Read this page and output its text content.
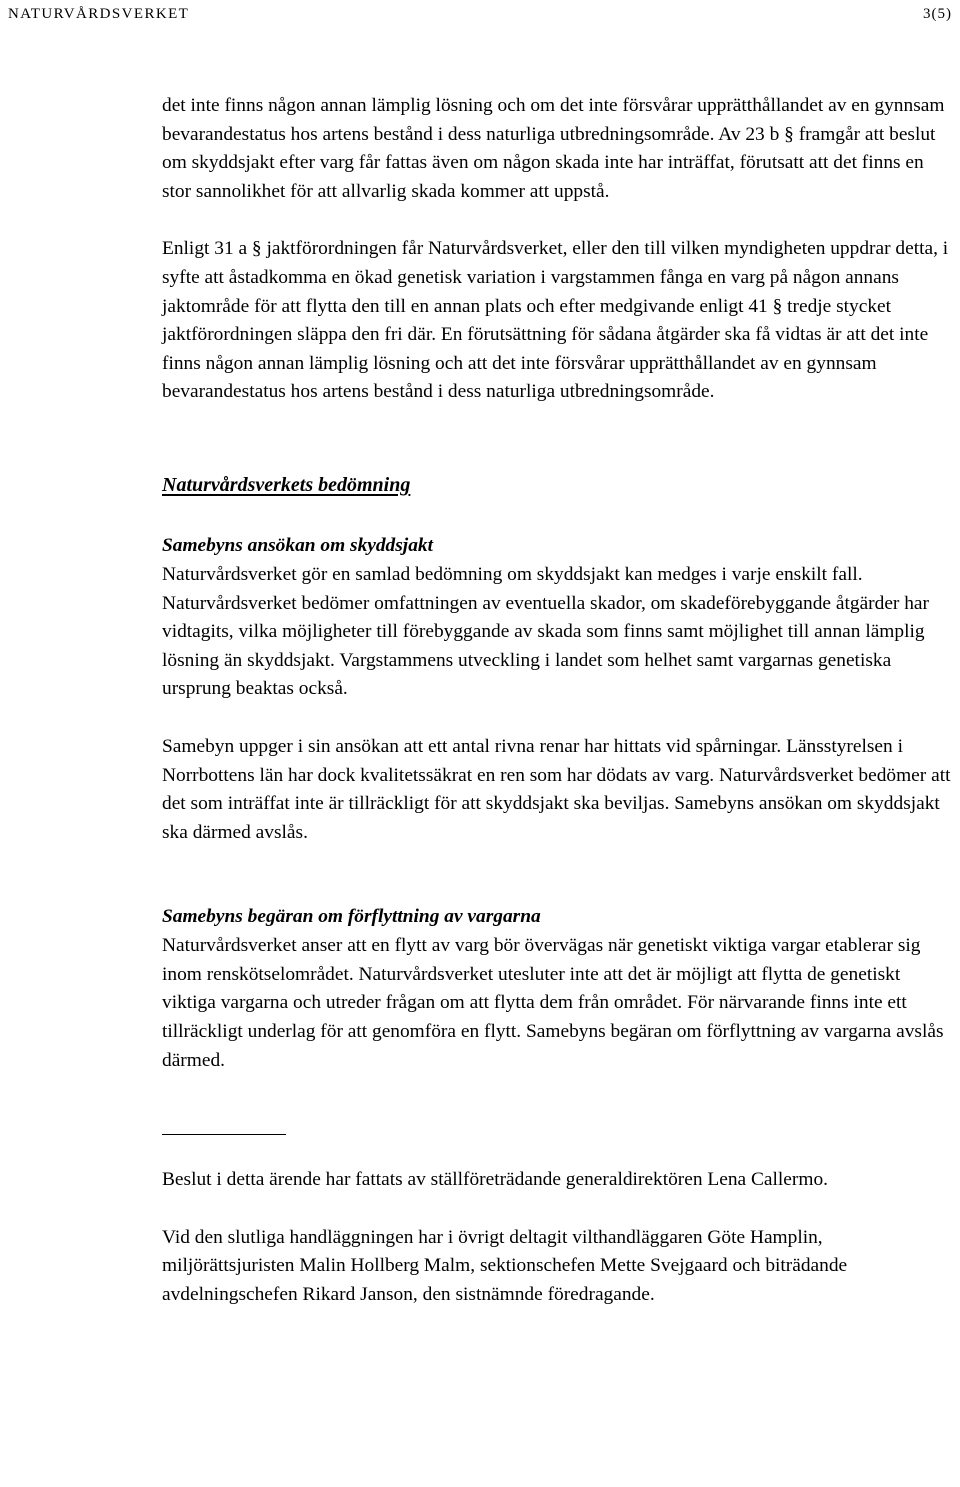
NATURVÅRDSVERKET	3(5)

det inte finns någon annan lämplig lösning och om det inte försvårar upprätthållandet av en gynnsam bevarandestatus hos artens bestånd i dess naturliga utbredningsområde. Av 23 b § framgår att beslut om skyddsjakt efter varg får fattas även om någon skada inte har inträffat, förutsatt att det finns en stor sannolikhet för att allvarlig skada kommer att uppstå.

Enligt 31 a § jaktförordningen får Naturvårdsverket, eller den till vilken myndigheten uppdrar detta, i syfte att åstadkomma en ökad genetisk variation i vargstammen fånga en varg på någon annans jaktområde för att flytta den till en annan plats och efter medgivande enligt 41 § tredje stycket jaktförordningen släppa den fri där. En förutsättning för sådana åtgärder ska få vidtas är att det inte finns någon annan lämplig lösning och att det inte försvårar upprätthållandet av en gynnsam bevarandestatus hos artens bestånd i dess naturliga utbredningsområde.

Naturvårdsverkets bedömning
Samebyns ansökan om skyddsjakt

Naturvårdsverket gör en samlad bedömning om skyddsjakt kan medges i varje enskilt fall. Naturvårdsverket bedömer omfattningen av eventuella skador, om skadeförebyggande åtgärder har vidtagits, vilka möjligheter till förebyggande av skada som finns samt möjlighet till annan lämplig lösning än skyddsjakt. Vargstammens utveckling i landet som helhet samt vargarnas genetiska ursprung beaktas också.

Samebyn uppger i sin ansökan att ett antal rivna renar har hittats vid spårningar. Länsstyrelsen i Norrbottens län har dock kvalitetssäkrat en ren som har dödats av varg. Naturvårdsverket bedömer att det som inträffat inte är tillräckligt för att skyddsjakt ska beviljas. Samebyns ansökan om skyddsjakt ska därmed avslås.

Samebyns begäran om förflyttning av vargarna

Naturvårdsverket anser att en flytt av varg bör övervägas när genetiskt viktiga vargar etablerar sig inom renskötselområdet. Naturvårdsverket utesluter inte att det är möjligt att flytta de genetiskt viktiga vargarna och utreder frågan om att flytta dem från området. För närvarande finns inte ett tillräckligt underlag för att genomföra en flytt. Samebyns begäran om förflyttning av vargarna avslås därmed.

Beslut i detta ärende har fattats av ställföreträdande generaldirektören Lena Callermo.

Vid den slutliga handläggningen har i övrigt deltagit vilthandläggaren Göte Hamplin, miljörättsjuristen Malin Hollberg Malm, sektionschefen Mette Svejgaard och biträdande avdelningschefen Rikard Janson, den sistnämnde föredragande.
